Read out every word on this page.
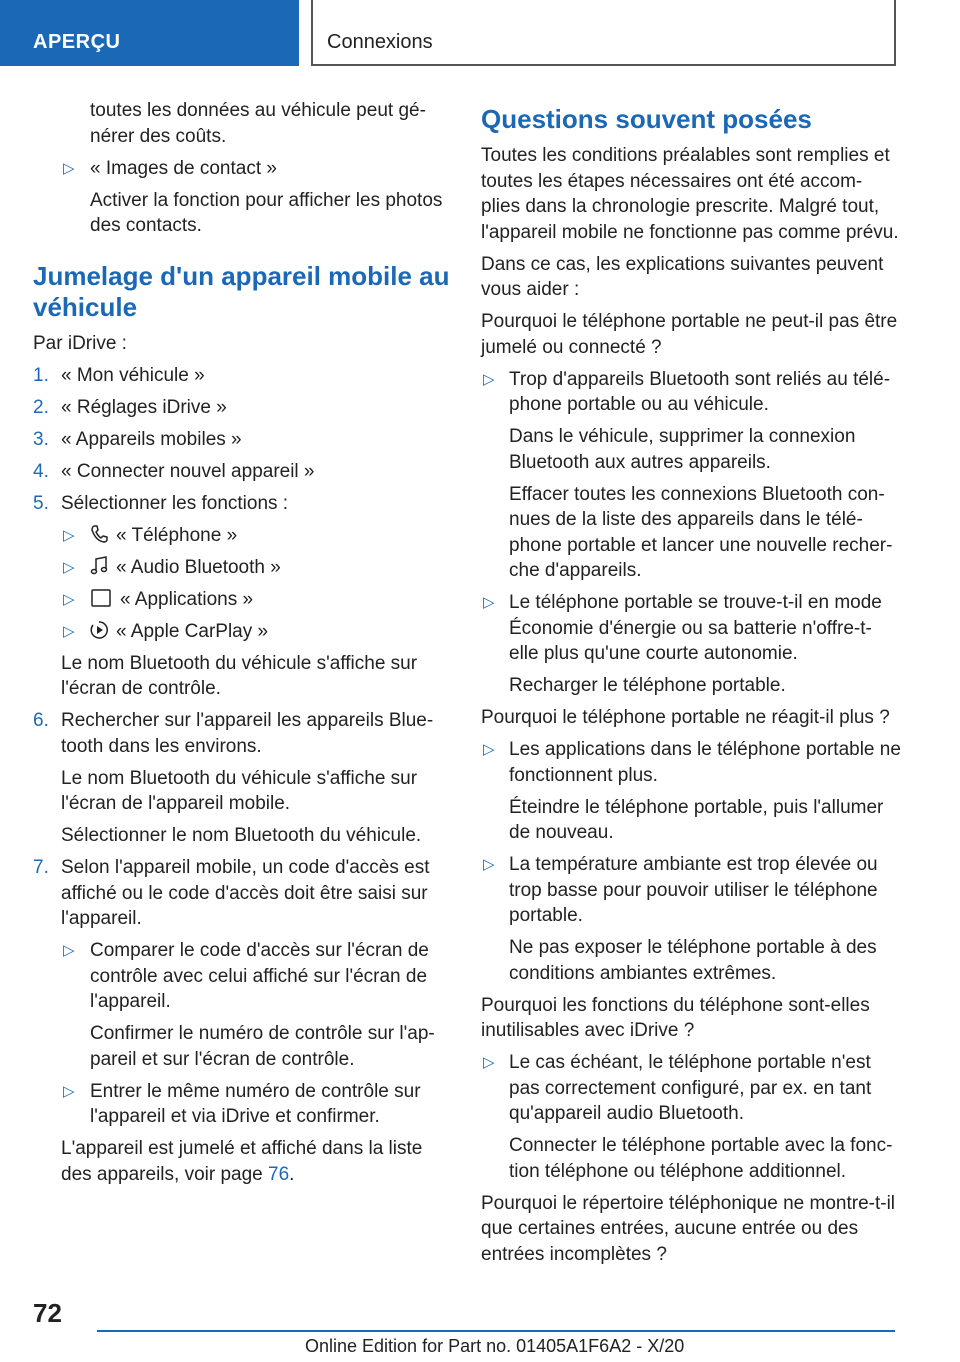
APERÇU	Connexions

toutes les données au véhicule peut gé-nérer des coûts.

▷ « Images de contact »

Activer la fonction pour afficher les photos des contacts.

Jumelage d'un appareil mobile au véhicule

Par iDrive :

1. « Mon véhicule »
2. « Réglages iDrive »
3. « Appareils mobiles »
4. « Connecter nouvel appareil »
5. Sélectionner les fonctions :
▷ « Téléphone »
▷ « Audio Bluetooth »
▷ « Applications »
▷ « Apple CarPlay »

Le nom Bluetooth du véhicule s'affiche sur l'écran de contrôle.

6. Rechercher sur l'appareil les appareils Blue-tooth dans les environs.

Le nom Bluetooth du véhicule s'affiche sur l'écran de l'appareil mobile.

Sélectionner le nom Bluetooth du véhicule.

7. Selon l'appareil mobile, un code d'accès est affiché ou le code d'accès doit être saisi sur l'appareil.
▷ Comparer le code d'accès sur l'écran de contrôle avec celui affiché sur l'écran de l'appareil.

Confirmer le numéro de contrôle sur l'ap-pareil et sur l'écran de contrôle.

▷ Entrer le même numéro de contrôle sur l'appareil et via iDrive et confirmer.

L'appareil est jumelé et affiché dans la liste des appareils, voir page 76.

Questions souvent posées

Toutes les conditions préalables sont remplies et toutes les étapes nécessaires ont été accom-plies dans la chronologie prescrite. Malgré tout, l'appareil mobile ne fonctionne pas comme prévu.

Dans ce cas, les explications suivantes peuvent vous aider :

Pourquoi le téléphone portable ne peut-il pas être jumelé ou connecté ?

▷ Trop d'appareils Bluetooth sont reliés au télé-phone portable ou au véhicule.

Dans le véhicule, supprimer la connexion Bluetooth aux autres appareils.

Effacer toutes les connexions Bluetooth con-nues de la liste des appareils dans le télé-phone portable et lancer une nouvelle recher-che d'appareils.

▷ Le téléphone portable se trouve-t-il en mode Économie d'énergie ou sa batterie n'offre-t-elle plus qu'une courte autonomie.

Recharger le téléphone portable.

Pourquoi le téléphone portable ne réagit-il plus ?

▷ Les applications dans le téléphone portable ne fonctionnent plus.

Éteindre le téléphone portable, puis l'allumer de nouveau.

▷ La température ambiante est trop élevée ou trop basse pour pouvoir utiliser le téléphone portable.

Ne pas exposer le téléphone portable à des conditions ambiantes extrêmes.

Pourquoi les fonctions du téléphone sont-elles inutilisables avec iDrive ?

▷ Le cas échéant, le téléphone portable n'est pas correctement configuré, par ex. en tant qu'appareil audio Bluetooth.

Connecter le téléphone portable avec la fonc-tion téléphone ou téléphone additionnel.

Pourquoi le répertoire téléphonique ne montre-t-il que certaines entrées, aucune entrée ou des entrées incomplètes ?

72
Online Edition for Part no. 01405A1F6A2 - X/20
